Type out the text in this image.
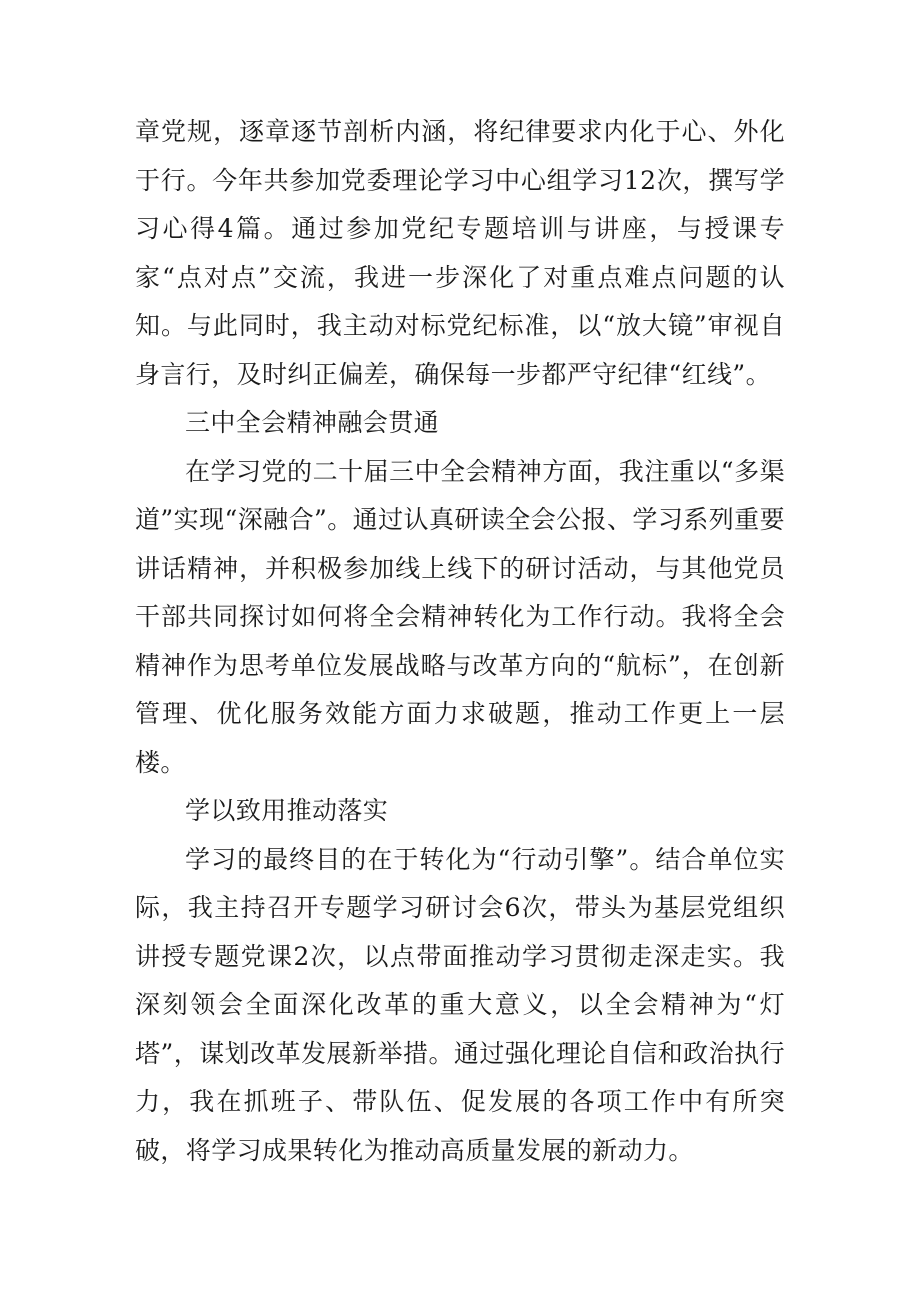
章党规，逐章逐节剖析内涵，将纪律要求内化于心、外化于行。今年共参加党委理论学习中心组学习12次，撰写学习心得4篇。通过参加党纪专题培训与讲座，与授课专家“点对点”交流，我进一步深化了对重点难点问题的认知。与此同时，我主动对标党纪标准，以“放大镜”审视自身言行，及时纠正偏差，确保每一步都严守纪律“红线”。

三中全会精神融会贯通

在学习党的二十届三中全会精神方面，我注重以“多渠道”实现“深融合”。通过认真研读全会公报、学习系列重要讲话精神，并积极参加线上线下的研讨活动，与其他党员干部共同探讨如何将全会精神转化为工作行动。我将全会精神作为思考单位发展战略与改革方向的“航标”，在创新管理、优化服务效能方面力求破题，推动工作更上一层楼。

学以致用推动落实

学习的最终目的在于转化为“行动引擎”。结合单位实际，我主持召开专题学习研讨会6次，带头为基层党组织讲授专题党课2次，以点带面推动学习贯彻走深走实。我深刻领会全面深化改革的重大意义，以全会精神为“灯塔”，谋划改革发展新举措。通过强化理论自信和政治执行力，我在抓班子、带队伍、促发展的各项工作中有所突破，将学习成果转化为推动高质量发展的新动力。
